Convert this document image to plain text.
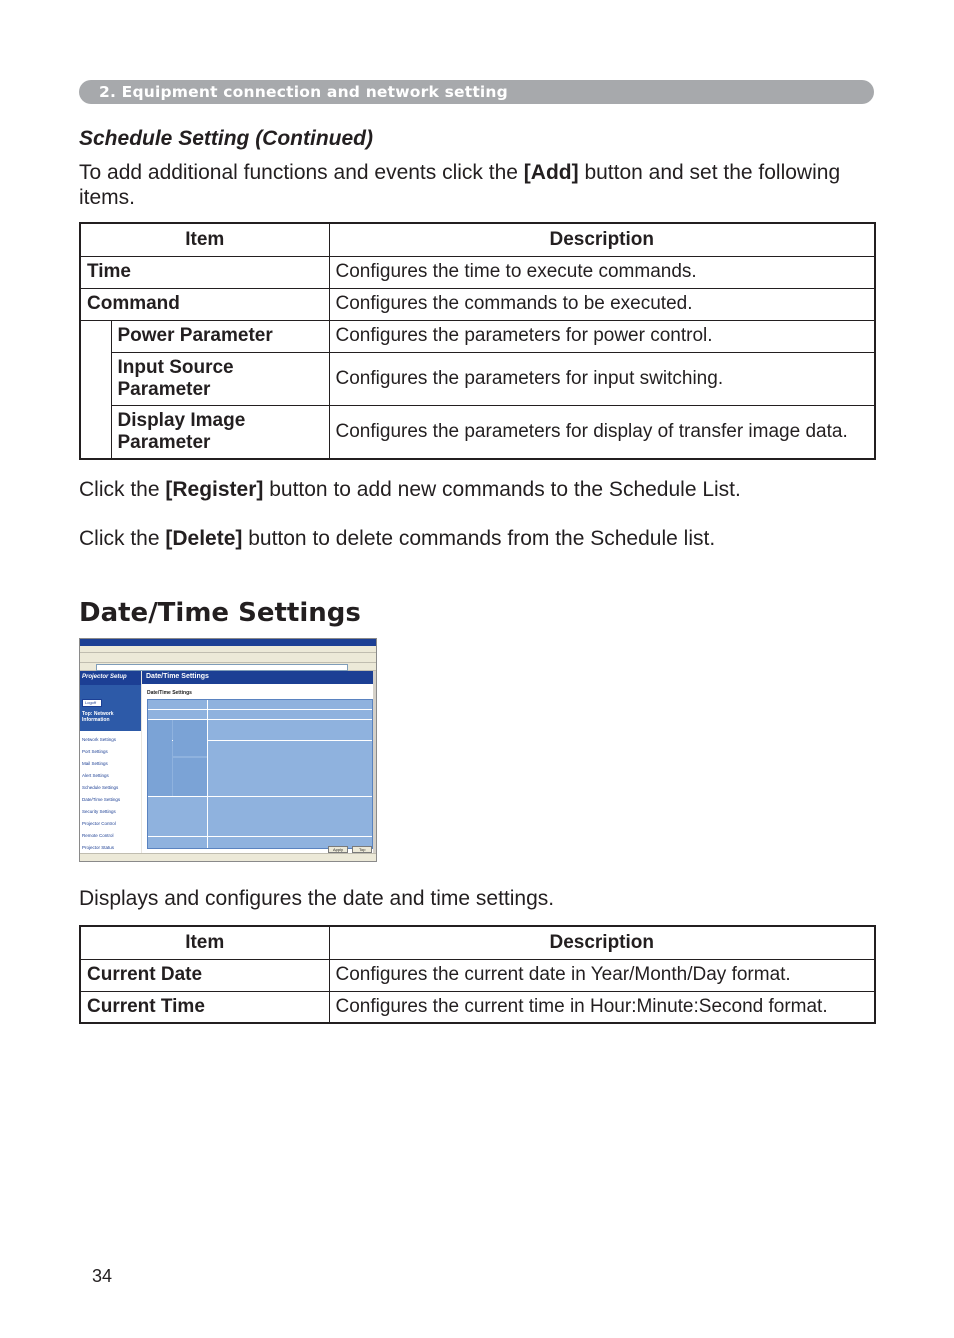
2. Equipment connection and network setting

Schedule Setting (Continued)

To add additional functions and events click the [Add] button and set the following items.

Item		Description
Time		Configures the time to execute commands.
Command		Configures the commands to be executed.
	Power Parameter	Configures the parameters for power control.
	Input Source Parameter	Configures the parameters for input switching.
	Display Image Parameter	Configures the parameters for display of transfer image data.

Click the [Register] button to add new commands to the Schedule List.

Click the [Delete] button to delete commands from the Schedule list.

Date/Time Settings
Projector Setup
Logoff
Top: Network Information
Network Settings
Port Settings
Mail Settings
Alert Settings
Schedule Settings
Date/Time Settings
Security Settings
Projector Control
Remote Control
Projector Status
Date/Time Settings
Date/Time Settings
Apply	Top

Displays and configures the date and time settings.

Item	Description
Current Date	Configures the current date in Year/Month/Day format.
Current Time	Configures the current time in Hour:Minute:Second format.
34
